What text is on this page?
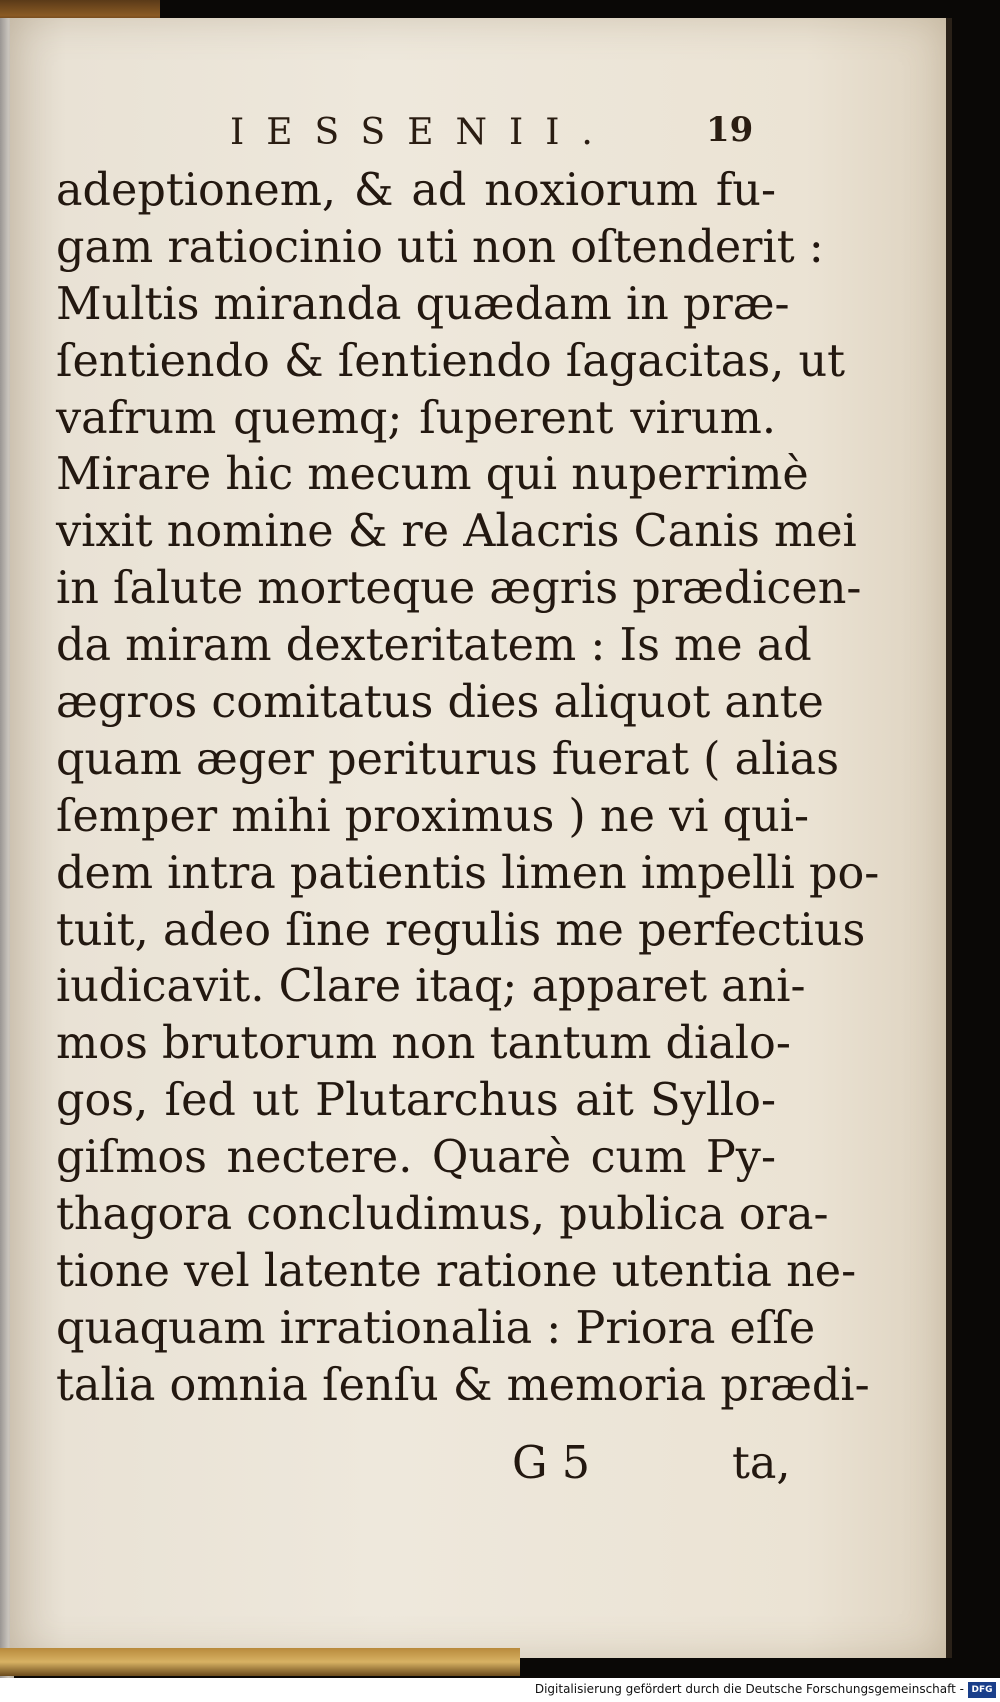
IESSENII.	19
adeptionem, & ad noxiorum fu-
gam ratiocinio uti non oſtenderit :
Multis miranda quædam in præ-
ſentiendo & ſentiendo ſagacitas, ut
vafrum quemq; ſuperent virum.
Mirare hic mecum qui nuperrimè
vixit nomine & re Alacris Canis mei
in ſalute morteque ægris prædicen-
da miram dexteritatem : Is me ad
ægros comitatus dies aliquot ante
quam æger periturus fuerat ( alias
ſemper mihi proximus ) ne vi qui-
dem intra patientis limen impelli po-
tuit, adeo ſine regulis me perfectius
iudicavit. Clare itaq; apparet ani-
mos brutorum non tantum dialo-
gos, ſed ut Plutarchus ait Syllo-
giſmos nectere. Quarè cum Py-
thagora concludimus, publica ora-
tione vel latente ratione utentia ne-
quaquam irrationalia : Priora eſſe
talia omnia ſenſu & memoria prædi-
G 5	ta,
Digitalisierung gefördert durch die Deutsche Forschungsgemeinschaft - DFG
